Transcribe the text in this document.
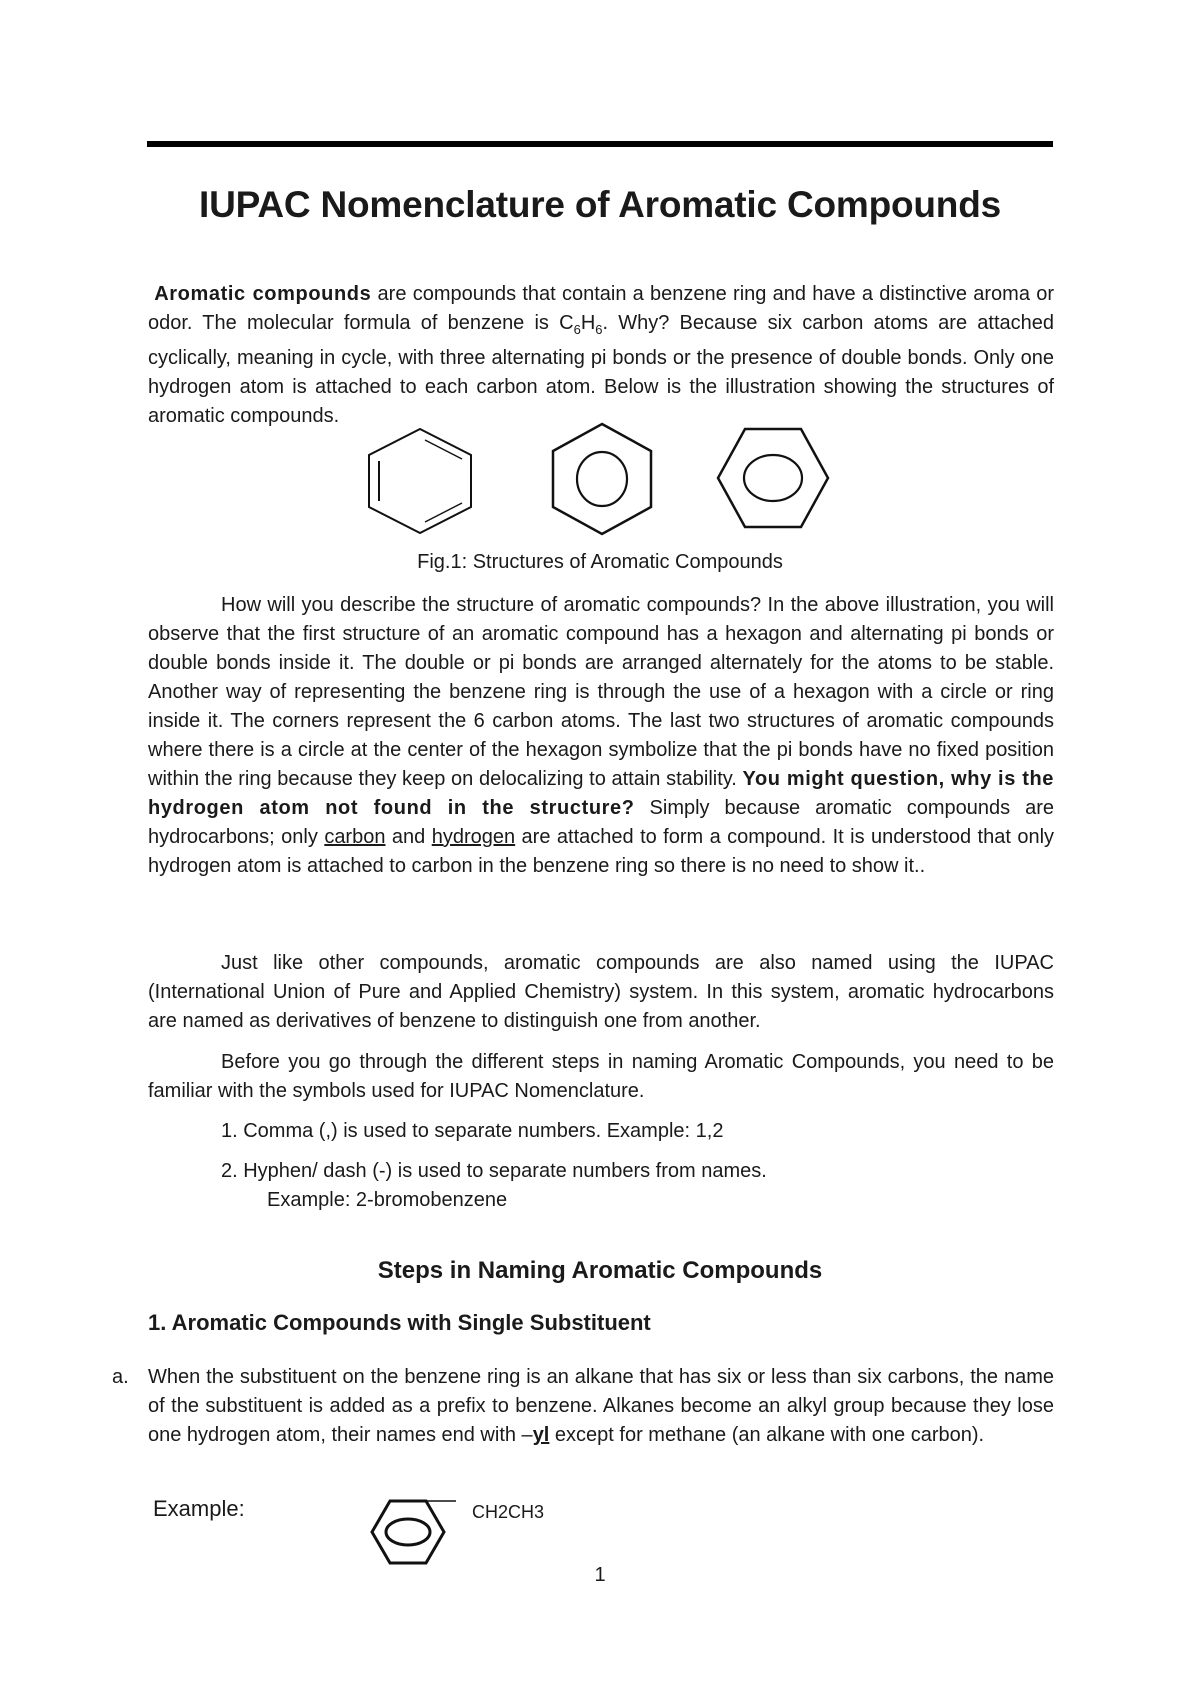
IUPAC Nomenclature of Aromatic Compounds

Aromatic compounds are compounds that contain a benzene ring and have a distinctive aroma or odor. The molecular formula of benzene is $C_6H_6$. Why? Because six carbon atoms are attached cyclically, meaning in cycle, with three alternating pi bonds or the presence of double bonds. Only one hydrogen atom is attached to each carbon atom. Below is the illustration showing the structures of aromatic compounds.

Fig.1: Structures of Aromatic Compounds

How will you describe the structure of aromatic compounds? In the above illustration, you will observe that the first structure of an aromatic compound has a hexagon and alternating pi bonds or double bonds inside it. The double or pi bonds are arranged alternately for the atoms to be stable. Another way of representing the benzene ring is through the use of a hexagon with a circle or ring inside it. The corners represent the 6 carbon atoms. The last two structures of aromatic compounds where there is a circle at the center of the hexagon symbolize that the pi bonds have no fixed position within the ring because they keep on delocalizing to attain stability. You might question, why is the hydrogen atom not found in the structure? Simply because aromatic compounds are hydrocarbons; only carbon and hydrogen are attached to form a compound. It is understood that only hydrogen atom is attached to carbon in the benzene ring so there is no need to show it..

Just like other compounds, aromatic compounds are also named using the IUPAC (International Union of Pure and Applied Chemistry) system. In this system, aromatic hydrocarbons are named as derivatives of benzene to distinguish one from another.

Before you go through the different steps in naming Aromatic Compounds, you need to be familiar with the symbols used for IUPAC Nomenclature.

1. Comma (,) is used to separate numbers. Example: 1,2
2. Hyphen/ dash (-) is used to separate numbers from names.
Example: 2-bromobenzene
Steps in Naming Aromatic Compounds
1. Aromatic Compounds with Single Substituent
a. When the substituent on the benzene ring is an alkane that has six or less than six carbons, the name of the substituent is added as a prefix to benzene. Alkanes become an alkyl group because they lose one hydrogen atom, their names end with –yl except for methane (an alkane with one carbon).
Example:	CH2CH3
1
